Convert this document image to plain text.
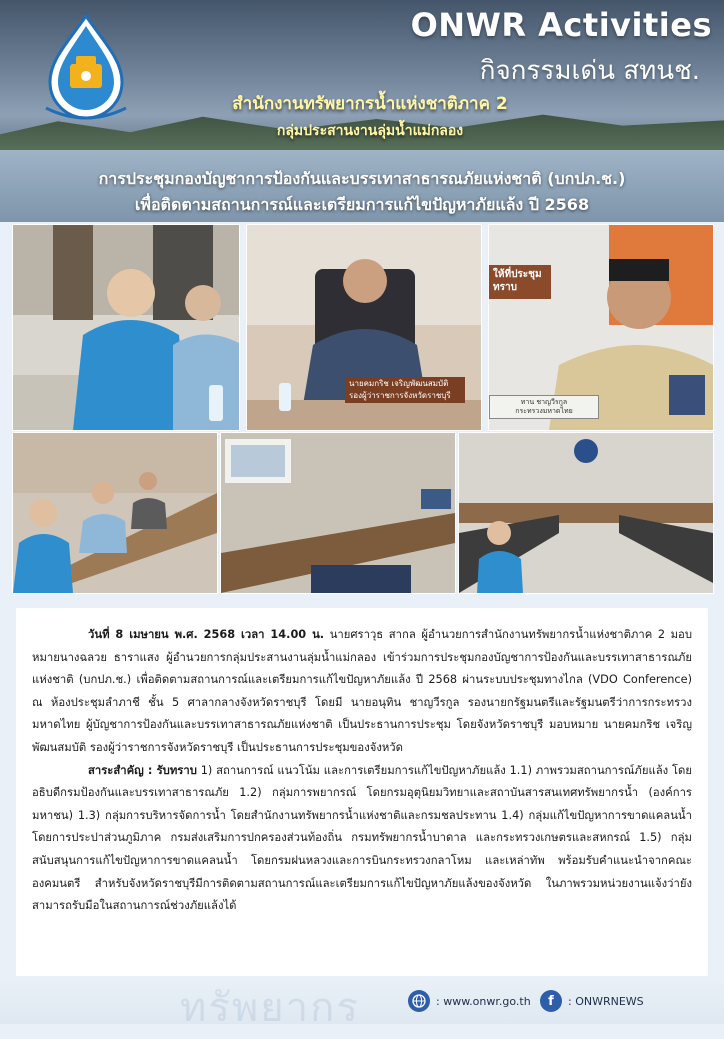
ONWR Activities
กิจกรรมเด่น สทนช.
สำนักงานทรัพยากรน้ำแห่งชาติภาค 2
กลุ่มประสานงานลุ่มน้ำแม่กลอง
การประชุมกองบัญชาการป้องกันและบรรเทาสาธารณภัยแห่งชาติ (บกปภ.ช.)
เพื่อติดตามสถานการณ์และเตรียมการแก้ไขปัญหาภัยแล้ง ปี 2568
นายคมกริช เจริญพัฒนสมบัติ รองผู้ว่าราชการจังหวัดราชบุรี
ให้ที่ประชุมทราบ
ทาน ชาญวีรกูล
กระทรวงมหาดไทย

วันที่ 8 เมษายน พ.ศ. 2568 เวลา 14.00 น. นายศราวุธ สากล ผู้อำนวยการสำนักงานทรัพยากรน้ำแห่งชาติภาค 2 มอบหมายนางฉลวย ธาราแสง ผู้อำนวยการกลุ่มประสานงานลุ่มน้ำแม่กลอง เข้าร่วมการประชุมกองบัญชาการป้องกันและบรรเทาสาธารณภัยแห่งชาติ (บกปภ.ช.) เพื่อติดตามสถานการณ์และเตรียมการแก้ไขปัญหาภัยแล้ง ปี 2568 ผ่านระบบประชุมทางไกล (VDO Conference) ณ ห้องประชุมลำภาชี ชั้น 5 ศาลากลางจังหวัดราชบุรี โดยมี นายอนุทิน ชาญวีรกูล รองนายกรัฐมนตรีและรัฐมนตรีว่าการกระทรวงมหาดไทย ผู้บัญชาการป้องกันและบรรเทาสาธารณภัยแห่งชาติ เป็นประธานการประชุม โดยจังหวัดราชบุรี มอบหมาย นายคมกริช เจริญพัฒนสมบัติ รองผู้ว่าราชการจังหวัดราชบุรี เป็นประธานการประชุมของจังหวัด

สาระสำคัญ : รับทราบ 1) สถานการณ์ แนวโน้ม และการเตรียมการแก้ไขปัญหาภัยแล้ง 1.1) ภาพรวมสถานการณ์ภัยแล้ง โดยอธิบดีกรมป้องกันและบรรเทาสาธารณภัย 1.2) กลุ่มการพยากรณ์ โดยกรมอุตุนิยมวิทยาและสถาบันสารสนเทศทรัพยากรน้ำ (องค์การมหาชน) 1.3) กลุ่มการบริหารจัดการน้ำ โดยสำนักงานทรัพยากรน้ำแห่งชาติและกรมชลประทาน 1.4) กลุ่มแก้ไขปัญหาการขาดแคลนน้ำ โดยการประปาส่วนภูมิภาค กรมส่งเสริมการปกครองส่วนท้องถิ่น กรมทรัพยากรน้ำบาดาล และกระทรวงเกษตรและสหกรณ์ 1.5) กลุ่มสนับสนุนการแก้ไขปัญหาการขาดแคลนน้ำ โดยกรมฝนหลวงและการบินกระทรวงกลาโหม และเหล่าทัพ พร้อมรับคำแนะนำจากคณะองคมนตรี สำหรับจังหวัดราชบุรีมีการติดตามสถานการณ์และเตรียมการแก้ไขปัญหาภัยแล้งของจังหวัด ในภาพรวมหน่วยงานแจ้งว่ายังสามารถรับมือในสถานการณ์ช่วงภัยแล้งได้

ทรัพยากร	: www.onwr.go.th	f	: ONWRNEWS
